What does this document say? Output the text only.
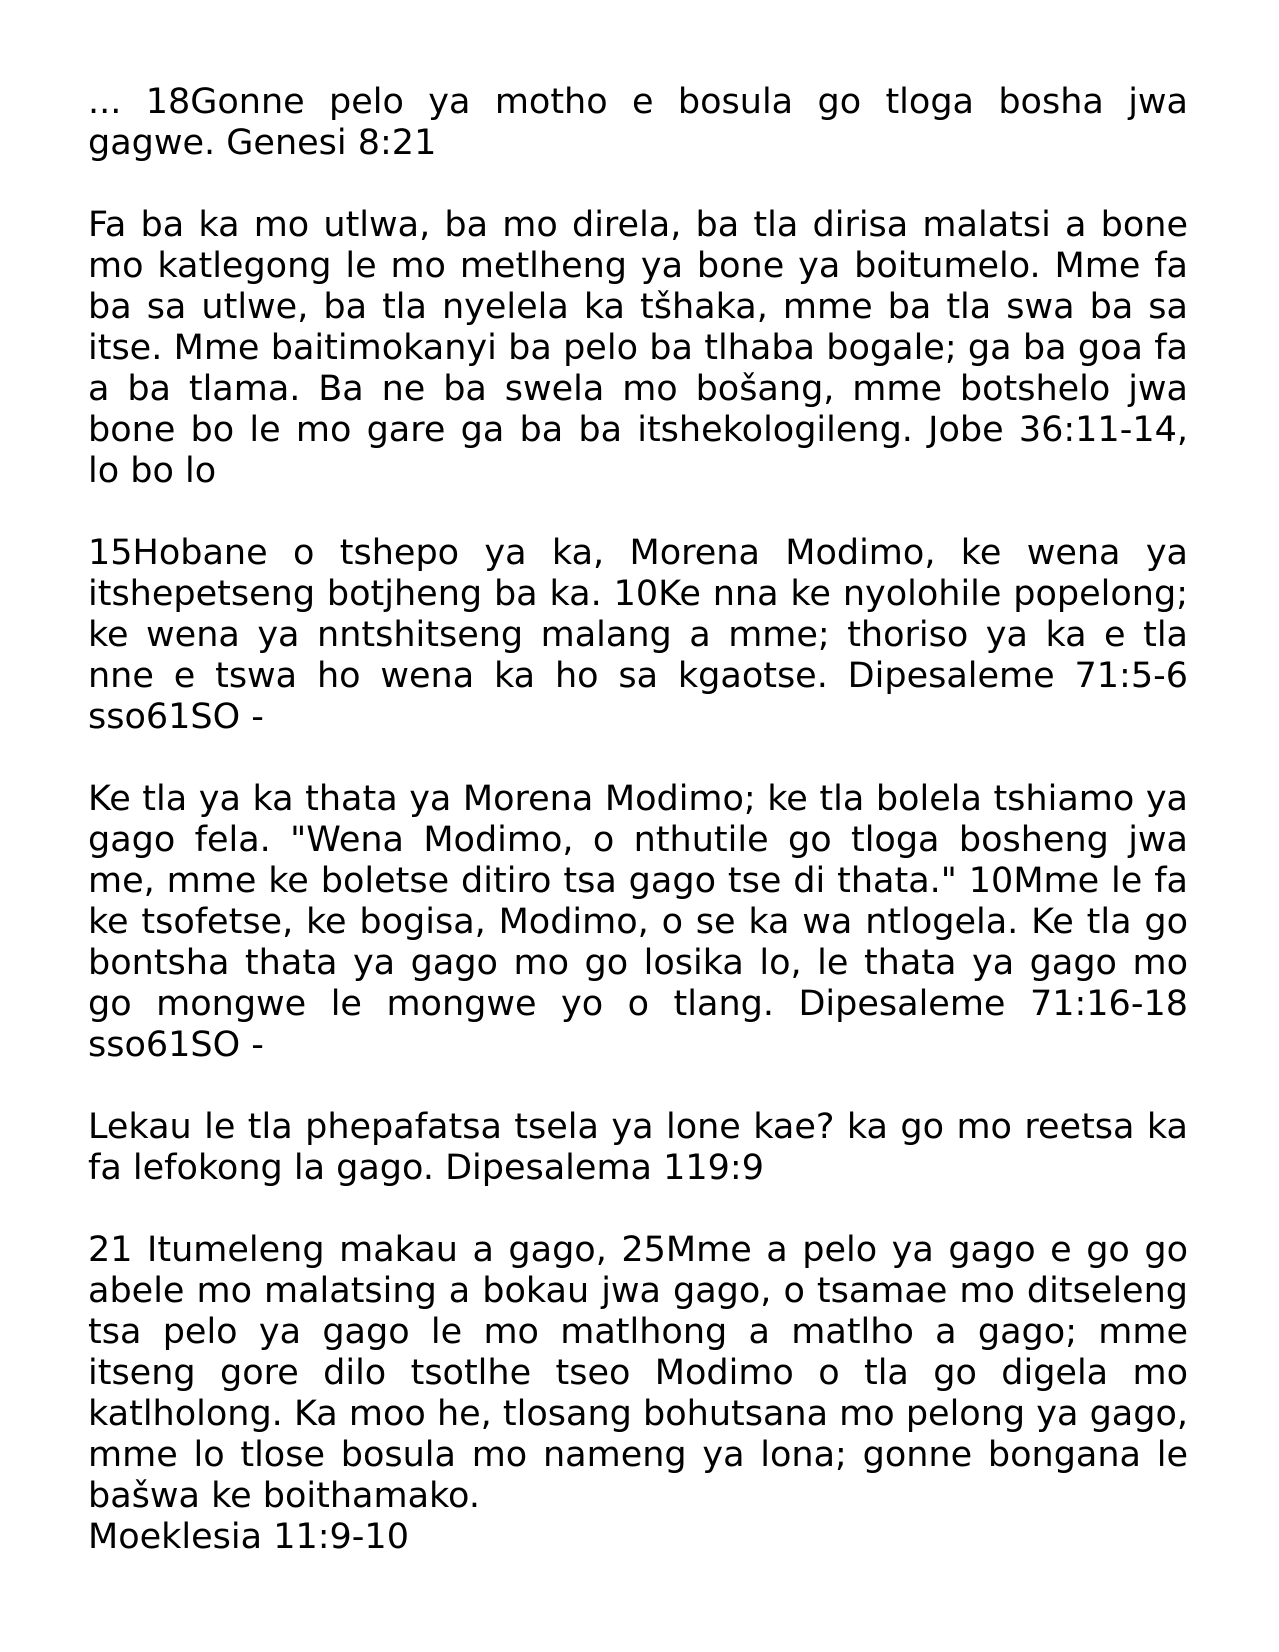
... 18Gonne pelo ya motho e bosula go tloga bosha jwa gagwe. Genesi 8:21

Fa ba ka mo utlwa, ba mo direla, ba tla dirisa malatsi a bone mo katlegong le mo metlheng ya bone ya boitumelo. Mme fa ba sa utlwe, ba tla nyelela ka tšhaka, mme ba tla swa ba sa itse. Mme baitimokanyi ba pelo ba tlhaba bogale; ga ba goa fa a ba tlama. Ba ne ba swela mo bošang, mme botshelo jwa bone bo le mo gare ga ba ba itshekologileng. Jobe 36:11-14, lo bo lo

15Hobane o tshepo ya ka, Morena Modimo, ke wena ya itshepetseng botjheng ba ka. 10Ke nna ke nyolohile popelong; ke wena ya nntshitseng malang a mme; thoriso ya ka e tla nne e tswa ho wena ka ho sa kgaotse. Dipesaleme 71:5-6 sso61SO -

Ke tla ya ka thata ya Morena Modimo; ke tla bolela tshiamo ya gago fela. "Wena Modimo, o nthutile go tloga bosheng jwa me, mme ke boletse ditiro tsa gago tse di thata." 10Mme le fa ke tsofetse, ke bogisa, Modimo, o se ka wa ntlogela. Ke tla go bontsha thata ya gago mo go losika lo, le thata ya gago mo go mongwe le mongwe yo o tlang. Dipesaleme 71:16-18 sso61SO -

Lekau le tla phepafatsa tsela ya lone kae? ka go mo reetsa ka fa lefokong la gago. Dipesalema 119:9

21 Itumeleng makau a gago, 25Mme a pelo ya gago e go go abele mo malatsing a bokau jwa gago, o tsamae mo ditseleng tsa pelo ya gago le mo matlhong a matlho a gago; mme itseng gore dilo tsotlhe tseo Modimo o tla go digela mo katlholong. Ka moo he, tlosang bohutsana mo pelong ya gago, mme lo tlose bosula mo nameng ya lona; gonne bongana le bašwa ke boithamako.
Moeklesia 11:9-10
